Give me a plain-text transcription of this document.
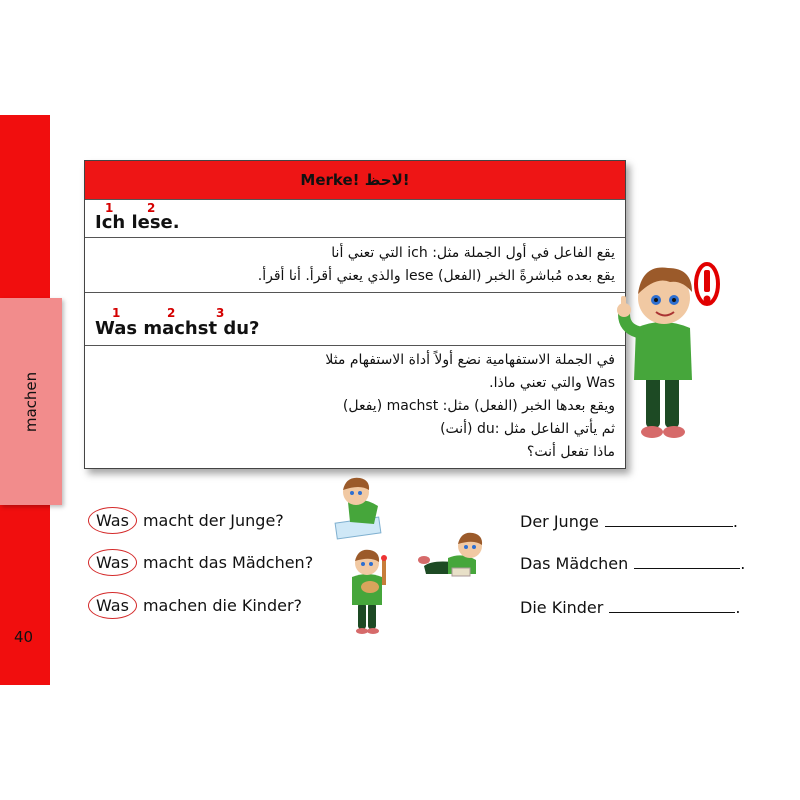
machen
40
Merke! لاحظ!
Ich lese.
1	2
يقع الفاعل في أول الجملة مثل: ich التي تعني أنا
يقع بعده مُباشرةً الخبر (الفعل) lese والذي يعني أقرأ. أنا أقرأ.
Was machst du?
1	2	3
في الجملة الاستفهامية نضع أولاً أداة الاستفهام مثلا
Was والتي تعني ماذا.
ويقع بعدها الخبر (الفعل) مثل: machst (يفعل)
ثم يأتي الفاعل مثل :du (أنت)
ماذا تفعل أنت؟
Was macht der Junge?
Was macht das Mädchen?
Was machen die Kinder?
Der Junge	.
Das Mädchen	.
Die Kinder	.
